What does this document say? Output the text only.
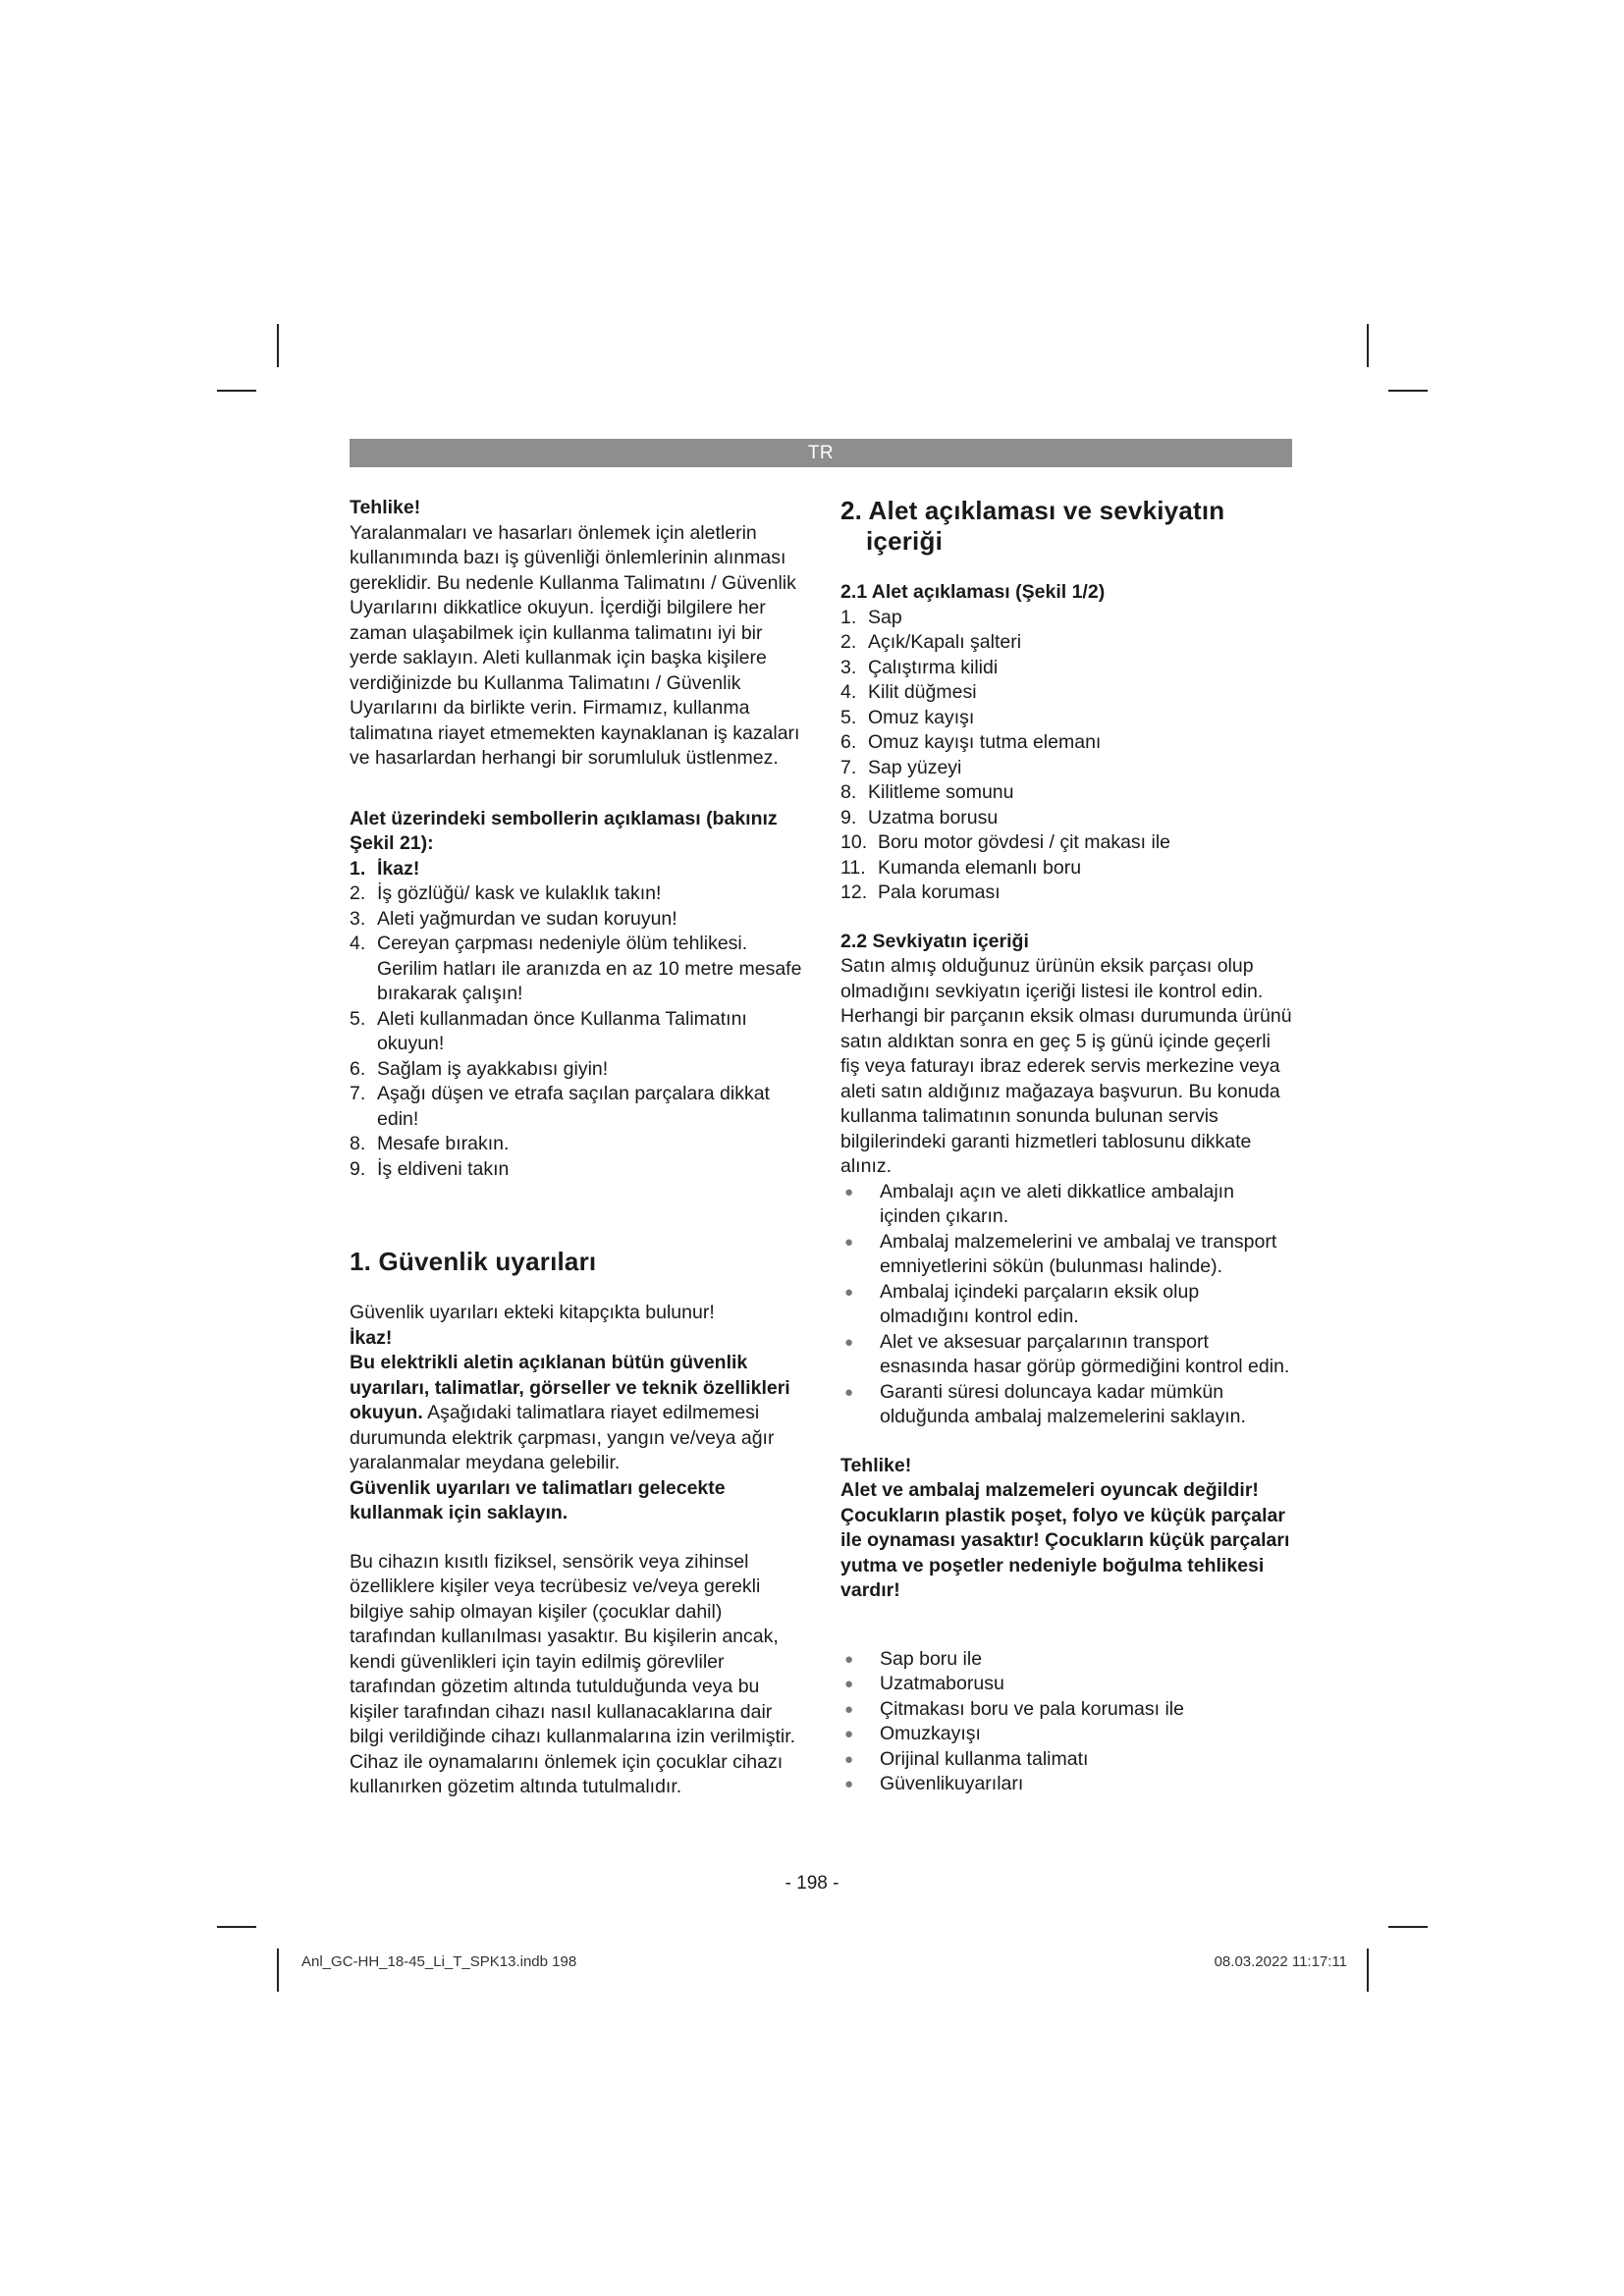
TR

Tehlike!

Yaralanmaları ve hasarları önlemek için aletlerin kullanımında bazı iş güvenliği önlemlerinin alınması gereklidir. Bu nedenle Kullanma Talimatını / Güvenlik Uyarılarını dikkatlice okuyun. İçerdiği bilgilere her zaman ulaşabilmek için kullanma talimatını iyi bir yerde saklayın. Aleti kullanmak için başka kişilere verdiğinizde bu Kullanma Talimatını / Güvenlik Uyarılarını da birlikte verin. Firmamız, kullanma talimatına riayet etmemekten kaynaklanan iş kazaları ve hasarlardan herhangi bir sorumluluk üstlenmez.

Alet üzerindeki sembollerin açıklaması (bakınız Şekil 21):

1. İkaz!
2. İş gözlüğü/ kask ve kulaklık takın!
3. Aleti yağmurdan ve sudan koruyun!
4. Cereyan çarpması nedeniyle ölüm tehlikesi. Gerilim hatları ile aranızda en az 10 metre mesafe bırakarak çalışın!
5. Aleti kullanmadan önce Kullanma Talimatını okuyun!
6. Sağlam iş ayakkabısı giyin!
7. Aşağı düşen ve etrafa saçılan parçalara dikkat edin!
8. Mesafe bırakın.
9. İş eldiveni takın

1. Güvenlik uyarıları

Güvenlik uyarıları ekteki kitapçıkta bulunur!

İkaz!

Bu elektrikli aletin açıklanan bütün güvenlik uyarıları, talimatlar, görseller ve teknik özellikleri okuyun. Aşağıdaki talimatlara riayet edilmemesi durumunda elektrik çarpması, yangın ve/veya ağır yaralanmalar meydana gelebilir.

Güvenlik uyarıları ve talimatları gelecekte kullanmak için saklayın.

Bu cihazın kısıtlı fiziksel, sensörik veya zihinsel özelliklere kişiler veya tecrübesiz ve/veya gerekli bilgiye sahip olmayan kişiler (çocuklar dahil) tarafından kullanılması yasaktır. Bu kişilerin ancak, kendi güvenlikleri için tayin edilmiş görevliler tarafından gözetim altında tutulduğunda veya bu kişiler tarafından cihazı nasıl kullanacaklarına dair bilgi verildiğinde cihazı kullanmalarına izin verilmiştir. Cihaz ile oynamalarını önlemek için çocuklar cihazı kullanırken gözetim altında tutulmalıdır.

2. Alet açıklaması ve sevkiyatın
içeriği

2.1 Alet açıklaması (Şekil 1/2)

1. Sap
2. Açık/Kapalı şalteri
3. Çalıştırma kilidi
4. Kilit düğmesi
5. Omuz kayışı
6. Omuz kayışı tutma elemanı
7. Sap yüzeyi
8. Kilitleme somunu
9. Uzatma borusu
10. Boru motor gövdesi / çit makası ile
11. Kumanda elemanlı boru
12. Pala koruması

2.2 Sevkiyatın içeriği

Satın almış olduğunuz ürünün eksik parçası olup olmadığını sevkiyatın içeriği listesi ile kontrol edin. Herhangi bir parçanın eksik olması durumunda ürünü satın aldıktan sonra en geç 5 iş günü içinde geçerli fiş veya faturayı ibraz ederek servis merkezine veya aleti satın aldığınız mağazaya başvurun. Bu konuda kullanma talimatının sonunda bulunan servis bilgilerindeki garanti hizmetleri tablosunu dikkate alınız.

●	Ambalajı açın ve aleti dikkatlice ambalajın içinden çıkarın.
●	Ambalaj malzemelerini ve ambalaj ve transport emniyetlerini sökün (bulunması halinde).
●	Ambalaj içindeki parçaların eksik olup olmadığını kontrol edin.
●	Alet ve aksesuar parçalarının transport esnasında hasar görüp görmediğini kontrol edin.
●	Garanti süresi doluncaya kadar mümkün olduğunda ambalaj malzemelerini saklayın.

Tehlike!

Alet ve ambalaj malzemeleri oyuncak değildir! Çocukların plastik poşet, folyo ve küçük parçalar ile oynaması yasaktır! Çocukların küçük parçaları yutma ve poşetler nedeniyle boğulma tehlikesi vardır!

●	Sap boru ile
●	Uzatmaborusu
●	Çitmakası boru ve pala koruması ile
●	Omuzkayışı
●	Orijinal kullanma talimatı
●	Güvenlikuyarıları
- 198 -
Anl_GC-HH_18-45_Li_T_SPK13.indb 198	08.03.2022 11:17:11
